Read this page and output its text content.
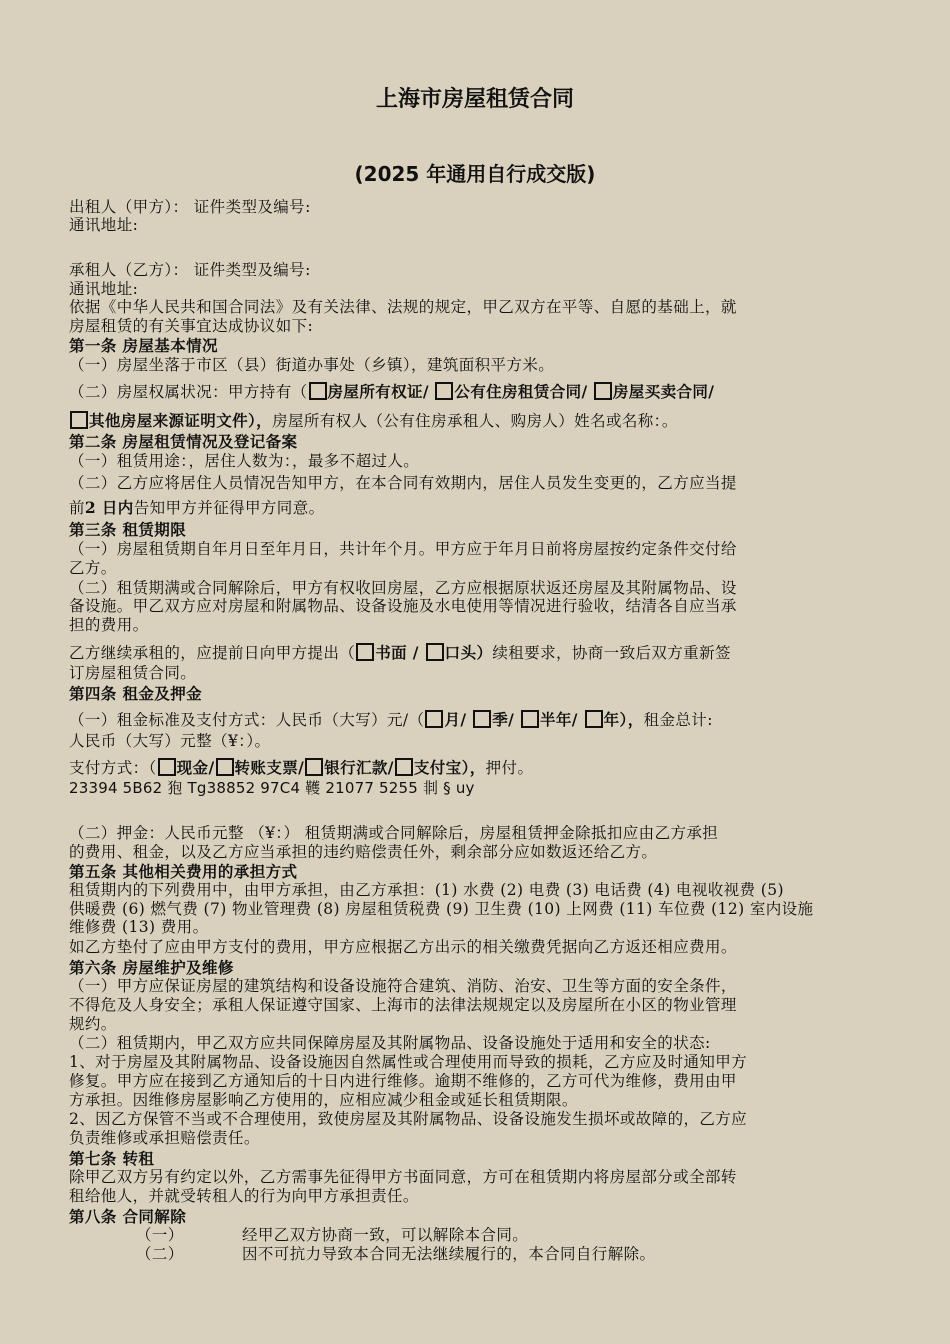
上海市房屋租赁合同
(2025 年通用自行成交版)
出租人（甲方）： 证件类型及编号:
通讯地址:
承租人（乙方）： 证件类型及编号:
通讯地址:
依据《中华人民共和国合同法》及有关法律、法规的规定，甲乙双方在平等、自愿的基础上，就
房屋租赁的有关事宜达成协议如下:
第一条 房屋基本情况
（一）房屋坐落于市区（县）街道办事处（乡镇），建筑面积平方米。
（二）房屋权属状况：甲方持有（ 房屋所有权证/ 公有住房租赁合同/ 房屋买卖合同/
其他房屋来源证明文件），房屋所有权人（公有住房承租人、购房人）姓名或名称：。
第二条 房屋租赁情况及登记备案
（一）租赁用途：，居住人数为：，最多不超过人。
（二）乙方应将居住人员情况告知甲方，在本合同有效期内，居住人员发生变更的，乙方应当提
前2 日内告知甲方并征得甲方同意。
第三条 租赁期限
（一）房屋租赁期自年月日至年月日，共计年个月。甲方应于年月日前将房屋按约定条件交付给
乙方。
（二）租赁期满或合同解除后，甲方有权收回房屋，乙方应根据原状返还房屋及其附属物品、设
备设施。甲乙双方应对房屋和附属物品、设备设施及水电使用等情况进行验收，结清各自应当承
担的费用。
乙方继续承租的，应提前日向甲方提出（ 书面 / 口头）续租要求，协商一致后双方重新签
订房屋租赁合同。
第四条 租金及押金
（一）租金标准及支付方式：人民币（大写）元/（ 月/ 季/ 半年/ 年），租金总计:
人民币（大写）元整（¥：）。
支付方式：（ 现金/ 转账支票/ 银行汇款/ 支付宝），押付。
23394 5B62 狍 Tg38852 97C4 韄 21077 5255 剕 § uy
（二）押金：人民币元整 （¥：） 租赁期满或合同解除后，房屋租赁押金除抵扣应由乙方承担
的费用、租金，以及乙方应当承担的违约赔偿责任外，剩余部分应如数返还给乙方。
第五条 其他相关费用的承担方式
租赁期内的下列费用中，由甲方承担，由乙方承担：(1) 水费 (2) 电费 (3) 电话费 (4) 电视收视费 (5)
供暖费 (6) 燃气费 (7) 物业管理费 (8) 房屋租赁税费 (9) 卫生费 (10) 上网费 (11) 车位费 (12) 室内设施
维修费 (13) 费用。
如乙方垫付了应由甲方支付的费用，甲方应根据乙方出示的相关缴费凭据向乙方返还相应费用。
第六条 房屋维护及维修
（一）甲方应保证房屋的建筑结构和设备设施符合建筑、消防、治安、卫生等方面的安全条件，
不得危及人身安全；承租人保证遵守国家、上海市的法律法规规定以及房屋所在小区的物业管理
规约。
（二）租赁期内，甲乙双方应共同保障房屋及其附属物品、设备设施处于适用和安全的状态:
1、对于房屋及其附属物品、设备设施因自然属性或合理使用而导致的损耗，乙方应及时通知甲方
修复。甲方应在接到乙方通知后的十日内进行维修。逾期不维修的，乙方可代为维修，费用由甲
方承担。因维修房屋影响乙方使用的，应相应减少租金或延长租赁期限。
2、因乙方保管不当或不合理使用，致使房屋及其附属物品、设备设施发生损坏或故障的，乙方应
负责维修或承担赔偿责任。
第七条 转租
除甲乙双方另有约定以外，乙方需事先征得甲方书面同意，方可在租赁期内将房屋部分或全部转
租给他人，并就受转租人的行为向甲方承担责任。
第八条 合同解除
（一）	经甲乙双方协商一致，可以解除本合同。
（二）	因不可抗力导致本合同无法继续履行的，本合同自行解除。
